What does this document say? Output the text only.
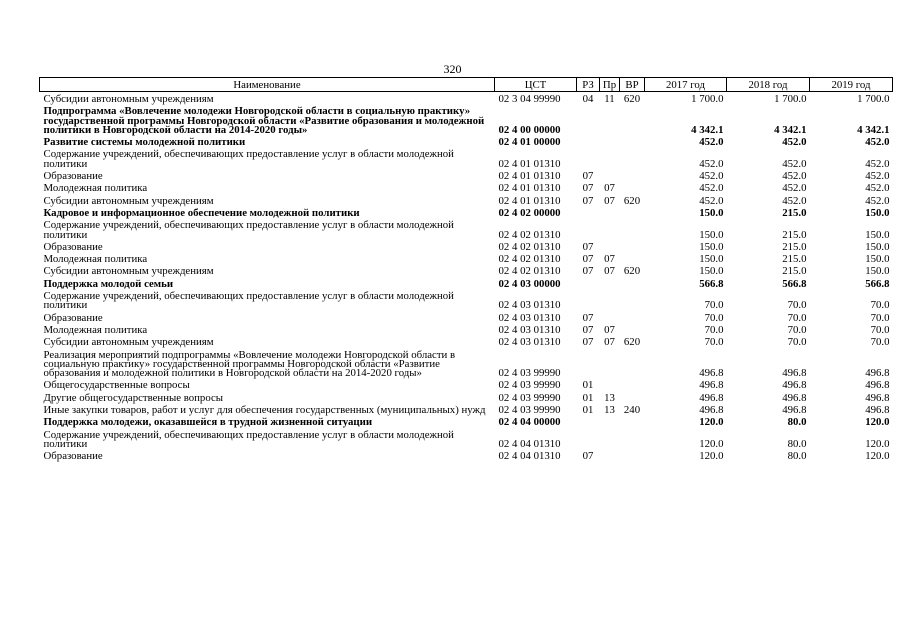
320
Наименование	ЦСТ	РЗ	Пр	ВР	2017 год	2018 год	2019 год
Субсидии автономным учреждениям	02 3 04 99990	04	11	620	1 700.0	1 700.0	1 700.0
Подпрограмма «Вовлечение молодежи Новгородской области в социальную практику» государственной программы Новгородской области «Развитие образования и молодежной политики в Новгородской области на 2014-2020 годы»	02 4 00 00000				4 342.1	4 342.1	4 342.1
Развитие системы молодежной политики	02 4 01 00000				452.0	452.0	452.0
Содержание учреждений, обеспечивающих предоставление услуг в области молодежной политики	02 4 01 01310				452.0	452.0	452.0
Образование	02 4 01 01310	07			452.0	452.0	452.0
Молодежная политика	02 4 01 01310	07	07		452.0	452.0	452.0
Субсидии автономным учреждениям	02 4 01 01310	07	07	620	452.0	452.0	452.0
Кадровое и информационное обеспечение молодежной политики	02 4 02 00000				150.0	215.0	150.0
Содержание учреждений, обеспечивающих предоставление услуг в области молодежной политики	02 4 02 01310				150.0	215.0	150.0
Образование	02 4 02 01310	07			150.0	215.0	150.0
Молодежная политика	02 4 02 01310	07	07		150.0	215.0	150.0
Субсидии автономным учреждениям	02 4 02 01310	07	07	620	150.0	215.0	150.0
Поддержка молодой семьи	02 4 03 00000				566.8	566.8	566.8
Содержание учреждений, обеспечивающих предоставление услуг в области молодежной политики	02 4 03 01310				70.0	70.0	70.0
Образование	02 4 03 01310	07			70.0	70.0	70.0
Молодежная политика	02 4 03 01310	07	07		70.0	70.0	70.0
Субсидии автономным учреждениям	02 4 03 01310	07	07	620	70.0	70.0	70.0
Реализация мероприятий подпрограммы «Вовлечение молодежи Новгородской области в социальную практику» государственной программы Новгородской области «Развитие образования и молодежной политики в Новгородской области на 2014-2020 годы»	02 4 03 99990				496.8	496.8	496.8
Общегосударственные вопросы	02 4 03 99990	01			496.8	496.8	496.8
Другие общегосударственные вопросы	02 4 03 99990	01	13		496.8	496.8	496.8
Иные закупки товаров, работ и услуг для обеспечения государственных (муниципальных) нужд	02 4 03 99990	01	13	240	496.8	496.8	496.8
Поддержка молодежи, оказавшейся в трудной жизненной ситуации	02 4 04 00000				120.0	80.0	120.0
Содержание учреждений, обеспечивающих предоставление услуг в области молодежной политики	02 4 04 01310				120.0	80.0	120.0
Образование	02 4 04 01310	07			120.0	80.0	120.0
